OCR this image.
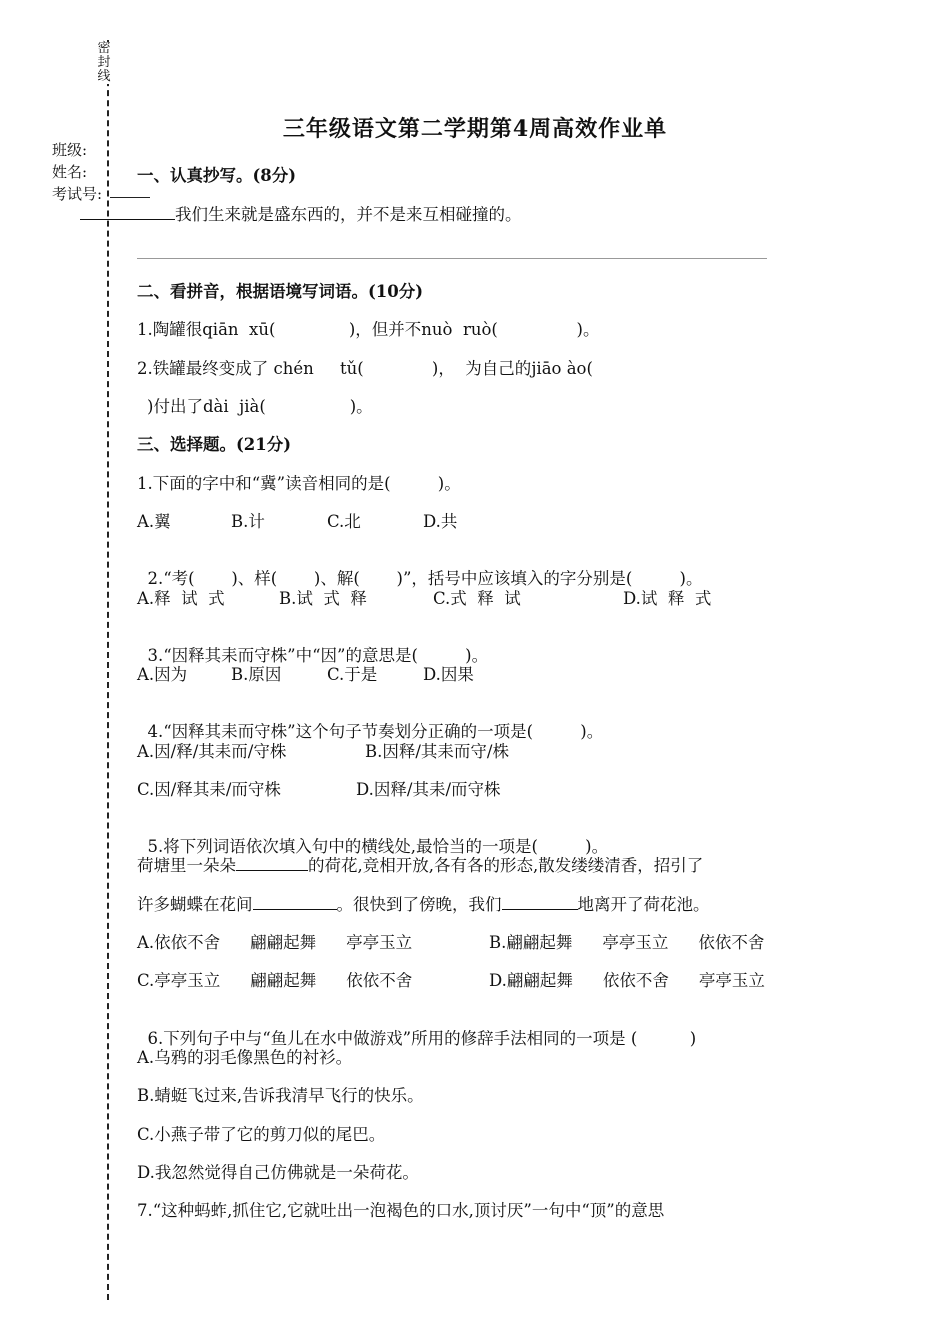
密封线
班级:
姓名:
考试号:
三年级语文第二学期第4周高效作业单
一、认真抄写。(8分)
我们生来就是盛东西的，并不是来互相碰撞的。
二、看拼音，根据语境写词语。(10分)
1.陶罐很qiān  xū(              )，但并不nuò  ruò(               )。
2.铁罐最终变成了 chén     tǔ(             )，  为自己的jiāo ào(
)付出了dài  jià(                )。
三、选择题。(21分)
1.下面的字中和“冀”读音相同的是(	)。
A.翼	B.计	C.北	D.共

2.“考(       )、样(       )、解(       )”，括号中应该填入的字分别是(	)。

A.释  试  式	B.试  式  释	C.式  释  试	D.试  释  式

3.“因释其耒而守株”中“因”的意思是(	)。

A.因为	B.原因	C.于是	D.因果

4.“因释其耒而守株”这个句子节奏划分正确的一项是(	)。

A.因/释/其耒而/守株	B.因释/其耒而守/株
C.因/释其耒/而守株	D.因释/其耒/而守株

5.将下列词语依次填入句中的横线处,最恰当的一项是(	)。

荷塘里一朵朵	的荷花,竞相开放,各有各的形态,散发缕缕清香，招引了
许多蝴蝶在花间	。很快到了傍晚，我们	地离开了荷花池。
A.依依不舍 翩翩起舞 亭亭玉立	B.翩翩起舞 亭亭玉立 依依不舍
C.亭亭玉立 翩翩起舞 依依不舍	D.翩翩起舞 依依不舍 亭亭玉立

6.下列句子中与“鱼儿在水中做游戏”所用的修辞手法相同的一项是 (          )

A.乌鸦的羽毛像黑色的衬衫。
B.蜻蜓飞过来,告诉我清早飞行的快乐。
C.小燕子带了它的剪刀似的尾巴。
D.我忽然觉得自己仿佛就是一朵荷花。
7.“这种蚂蚱,抓住它,它就吐出一泡褐色的口水,顶讨厌”一句中“顶”的意思
